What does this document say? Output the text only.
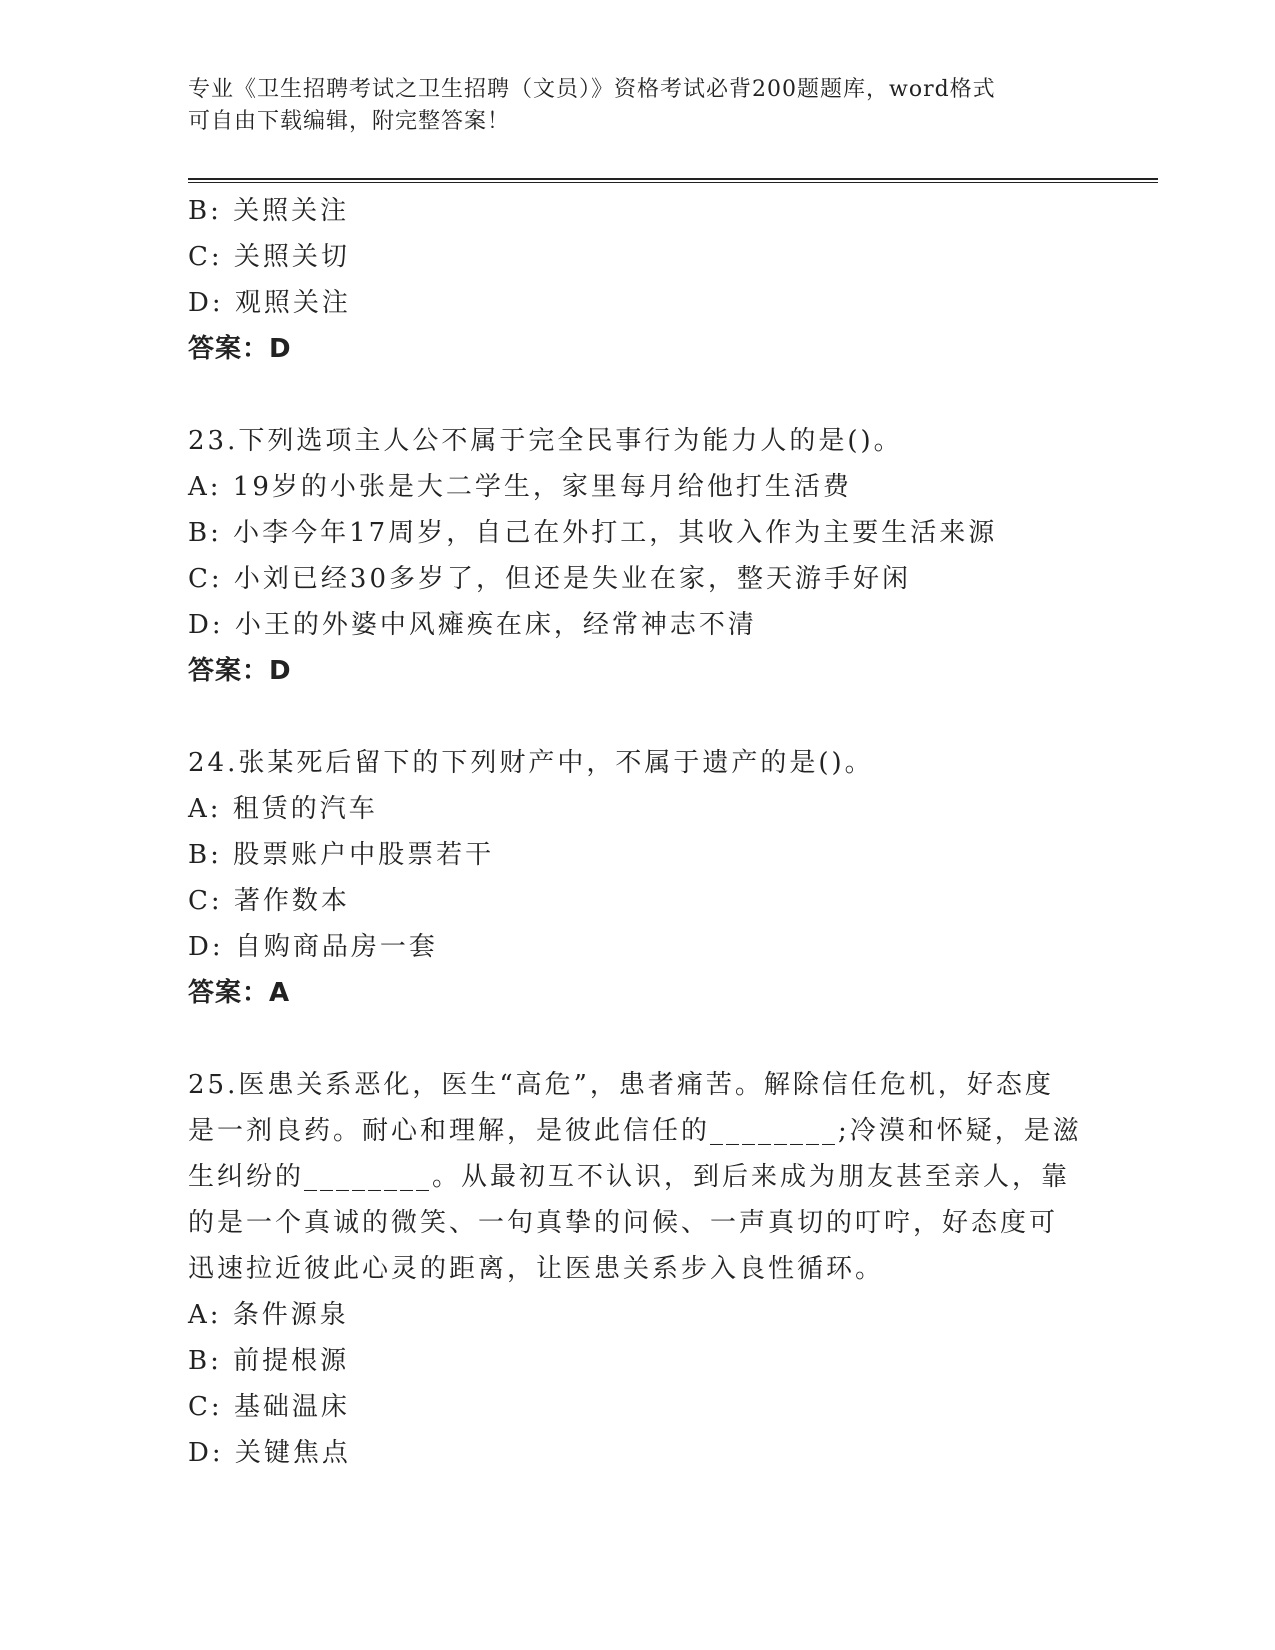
专业《卫生招聘考试之卫生招聘（文员）》资格考试必背200题题库，word格式
可自由下载编辑，附完整答案！
B: 关照关注
C: 关照关切
D: 观照关注
答案：D
23.下列选项主人公不属于完全民事行为能力人的是()。
A: 19岁的小张是大二学生，家里每月给他打生活费
B: 小李今年17周岁，自己在外打工，其收入作为主要生活来源
C: 小刘已经30多岁了，但还是失业在家，整天游手好闲
D: 小王的外婆中风瘫痪在床，经常神志不清
答案：D
24.张某死后留下的下列财产中，不属于遗产的是()。
A: 租赁的汽车
B: 股票账户中股票若干
C: 著作数本
D: 自购商品房一套
答案：A
25.医患关系恶化，医生“高危”，患者痛苦。解除信任危机，好态度
是一剂良药。耐心和理解，是彼此信任的________;冷漠和怀疑，是滋
生纠纷的________。从最初互不认识，到后来成为朋友甚至亲人，靠
的是一个真诚的微笑、一句真挚的问候、一声真切的叮咛，好态度可
迅速拉近彼此心灵的距离，让医患关系步入良性循环。
A: 条件源泉
B: 前提根源
C: 基础温床
D: 关键焦点
